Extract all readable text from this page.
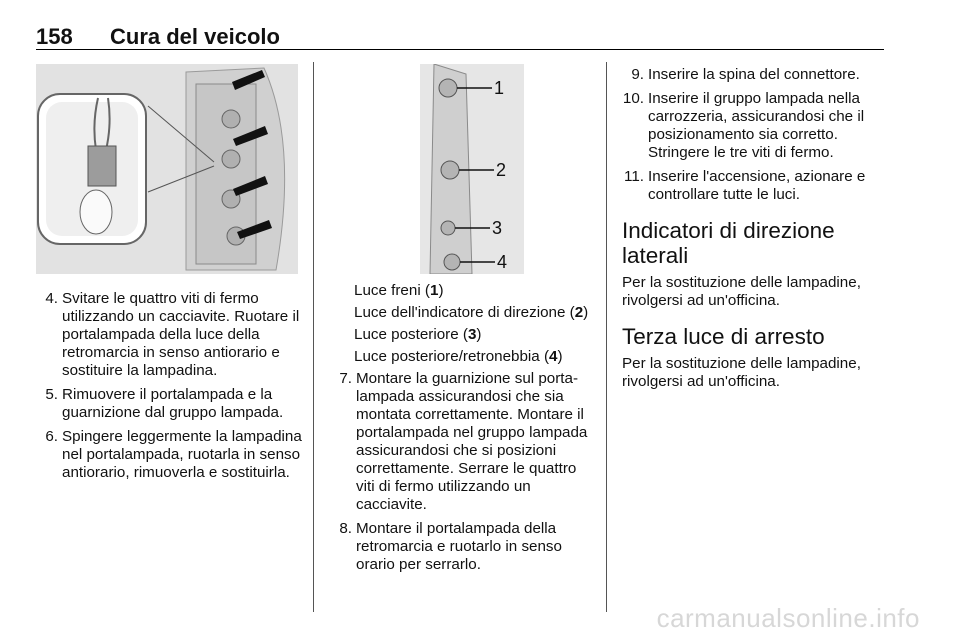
158 Cura del veicolo
1
2
3
4
4. Svitare le quattro viti di fermo utilizzando un cacciavite. Ruotare il portalampada della luce della retromarcia in senso antiorario e sostituire la lampadina.
5. Rimuovere il portalampada e la guarnizione dal gruppo lampada.
6. Spingere leggermente la lampadina nel portalampada, ruotarla in senso antiorario, rimuoverla e sostituirla.
Luce freni (1)
Luce dell'indicatore di direzione (2)
Luce posteriore (3)
Luce posteriore/retronebbia (4)
7. Montare la guarnizione sul portalampada assicurandosi che sia montata correttamente. Montare il portalampada nel gruppo lampada assicurandosi che si posizioni correttamente. Serrare le quattro viti di fermo utilizzando un cacciavite.
8. Montare il portalampada della retromarcia e ruotarlo in senso orario per serrarlo.
9. Inserire la spina del connettore.
10. Inserire il gruppo lampada nella carrozzeria, assicurandosi che il posizionamento sia corretto. Stringere le tre viti di fermo.
11. Inserire l'accensione, azionare e controllare tutte le luci.
Indicatori di direzione laterali
Per la sostituzione delle lampadine, rivolgersi ad un'officina.
Terza luce di arresto
Per la sostituzione delle lampadine, rivolgersi ad un'officina.
carmanualsonline.info
